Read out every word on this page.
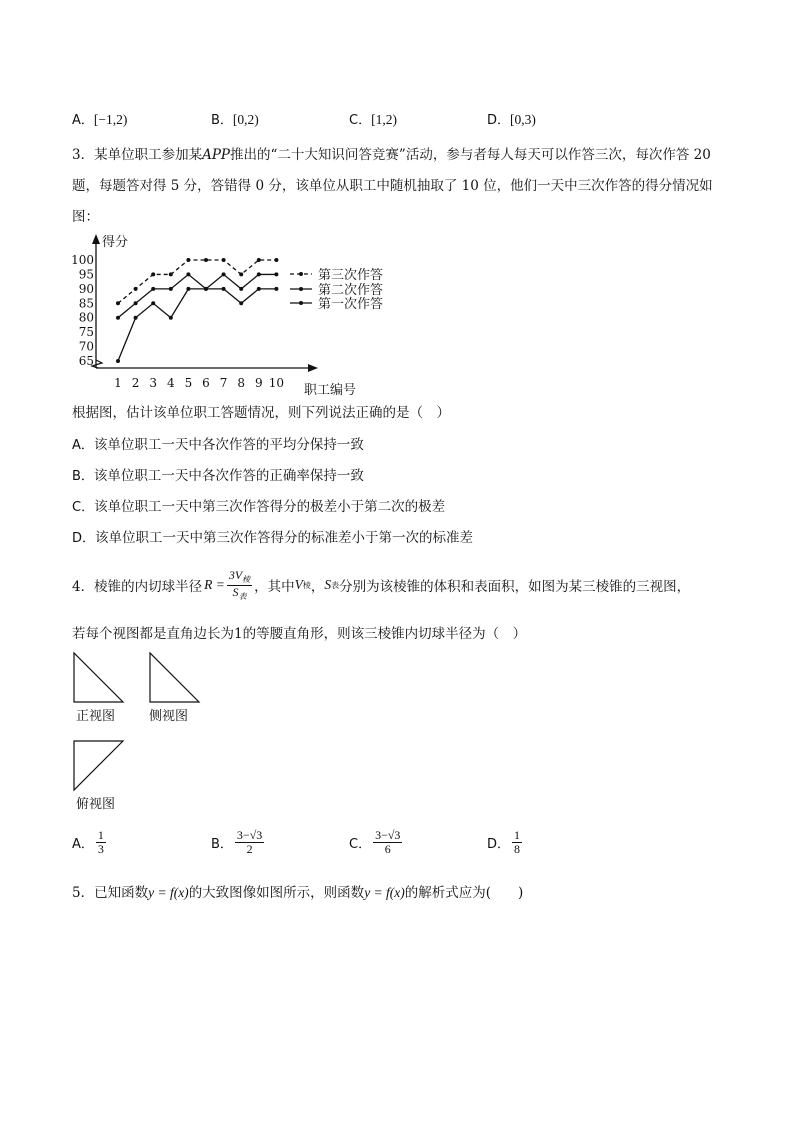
A．[−1,2)	B．[0,2)	C．[1,2)	D．[0,3)
3．某单位职工参加某APP推出的“二十大知识问答竞赛”活动，参与者每人每天可以作答三次，每次作答 20
题，每题答对得 5 分，答错得 0 分，该单位从职工中随机抽取了 10 位，他们一天中三次作答的得分情况如
图：
得分
65
70
75
80
85
90
95
100
1 2 3 4 5 6 7 8 9 10 职工编号
第三次作答
第二次作答
第一次作答
根据图，估计该单位职工答题情况，则下列说法正确的是（　）
A．该单位职工一天中各次作答的平均分保持一致
B．该单位职工一天中各次作答的正确率保持一致
C．该单位职工一天中第三次作答得分的极差小于第二次的极差
D．该单位职工一天中第三次作答得分的标准差小于第一次的标准差
4．棱锥的内切球半径 $R = \frac{3V_棱}{S_表}$ ，其中 V 棱 ， S 表 分别为该棱锥的体积和表面积，如图为某三棱锥的三视图，
若每个视图都是直角边长为1的等腰直角形，则该三棱锥内切球半径为（　）
正视图	侧视图
俯视图
A． $\frac{1}{3}$	B． $\frac{3-√3}{2}$	C． $\frac{3-√3}{6}$	D． $\frac{1}{8}$
5．已知函数y = f(x)的大致图像如图所示，则函数y = f(x)的解析式应为(　　)
